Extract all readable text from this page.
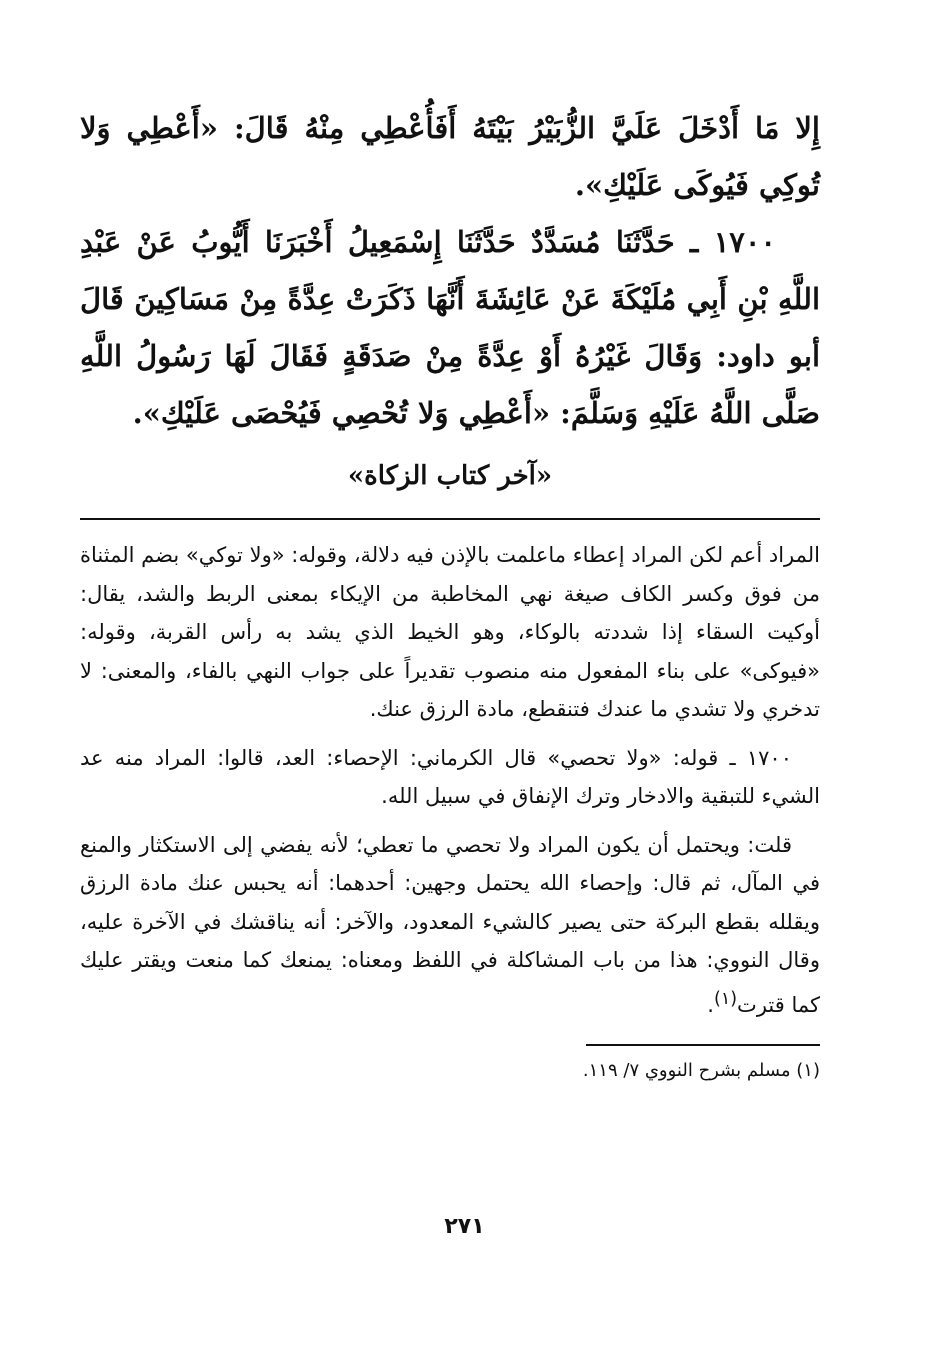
إِلا مَا أَدْخَلَ عَلَيَّ الزُّبَيْرُ بَيْتَهُ أَفَأُعْطِي مِنْهُ قَالَ: «أَعْطِي وَلا تُوكِي فَيُوكَى عَلَيْكِ».

١٧٠٠ ـ حَدَّثَنَا مُسَدَّدٌ حَدَّثَنَا إِسْمَعِيلُ أَخْبَرَنَا أَيُّوبُ عَنْ عَبْدِ اللَّهِ بْنِ أَبِي مُلَيْكَةَ عَنْ عَائِشَةَ أَنَّهَا ذَكَرَتْ عِدَّةً مِنْ مَسَاكِينَ قَالَ أبو داود: وَقَالَ غَيْرُهُ أَوْ عِدَّةً مِنْ صَدَقَةٍ فَقَالَ لَهَا رَسُولُ اللَّهِ صَلَّى اللَّهُ عَلَيْهِ وَسَلَّمَ: «أَعْطِي وَلا تُحْصِي فَيُحْصَى عَلَيْكِ».

«آخر كتاب الزكاة»

المراد أعم لكن المراد إعطاء ماعلمت بالإذن فيه دلالة، وقوله: «ولا توكي» بضم المثناة من فوق وكسر الكاف صيغة نهي المخاطبة من الإيكاء بمعنى الربط والشد، يقال: أوكيت السقاء إذا شددته بالوكاء، وهو الخيط الذي يشد به رأس القربة، وقوله: «فيوكى» على بناء المفعول منه منصوب تقديراً على جواب النهي بالفاء، والمعنى: لا تدخري ولا تشدي ما عندك فتنقطع، مادة الرزق عنك.

١٧٠٠ ـ قوله: «ولا تحصي» قال الكرماني: الإحصاء: العد، قالوا: المراد منه عد الشيء للتبقية والادخار وترك الإنفاق في سبيل الله.

قلت: ويحتمل أن يكون المراد ولا تحصي ما تعطي؛ لأنه يفضي إلى الاستكثار والمنع في المآل، ثم قال: وإحصاء الله يحتمل وجهين: أحدهما: أنه يحبس عنك مادة الرزق ويقلله بقطع البركة حتى يصير كالشيء المعدود، والآخر: أنه يناقشك في الآخرة عليه، وقال النووي: هذا من باب المشاكلة في اللفظ ومعناه: يمنعك كما منعت ويقتر عليك كما قترت$^{(١)}$.

(١) مسلم بشرح النووي ٧/ ١١٩.

٢٧١
